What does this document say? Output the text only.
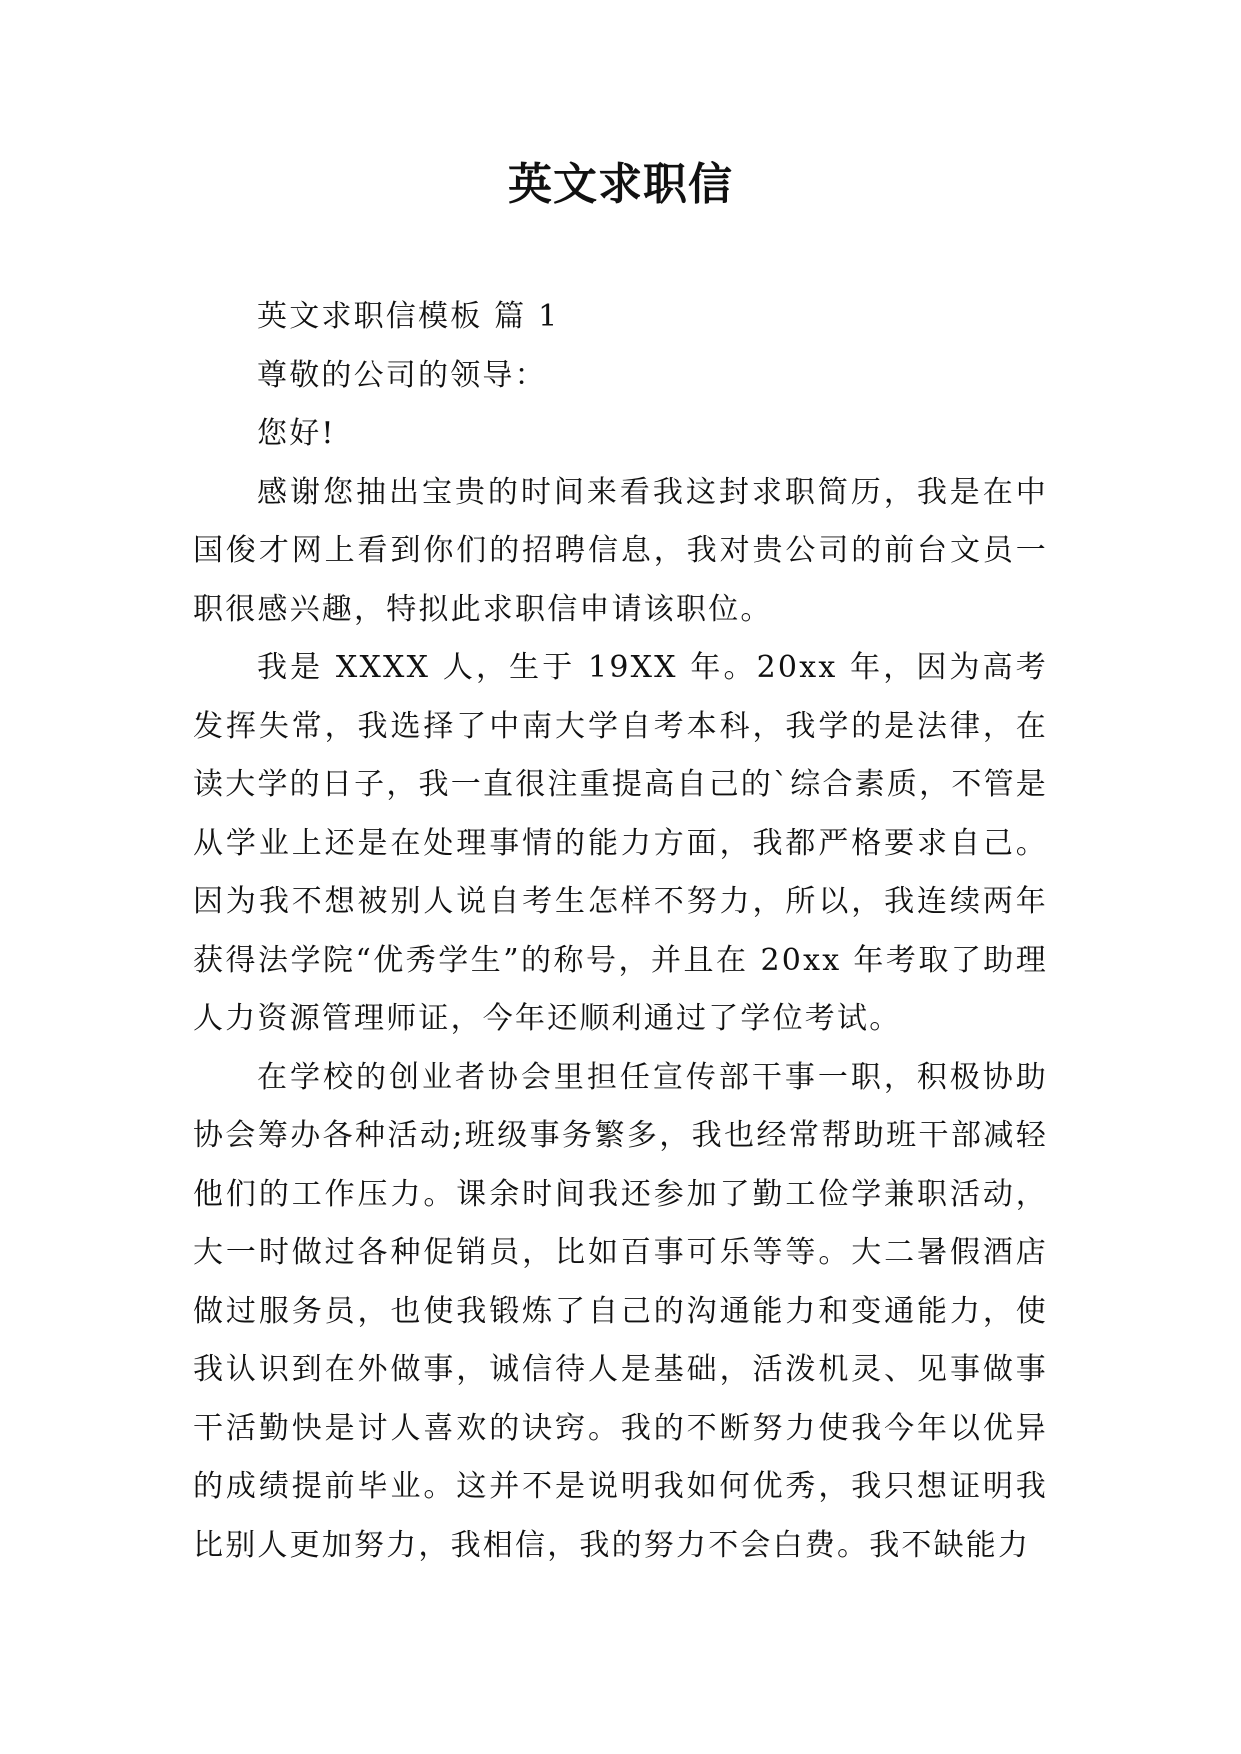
英文求职信

英文求职信模板 篇 1

尊敬的公司的领导：

您好!

感谢您抽出宝贵的时间来看我这封求职简历，我是在中国俊才网上看到你们的招聘信息，我对贵公司的前台文员一职很感兴趣，特拟此求职信申请该职位。

我是 XXXX 人，生于 19XX 年。20xx 年，因为高考发挥失常，我选择了中南大学自考本科，我学的是法律，在读大学的日子，我一直很注重提高自己的`综合素质，不管是从学业上还是在处理事情的能力方面，我都严格要求自己。因为我不想被别人说自考生怎样不努力，所以，我连续两年获得法学院“优秀学生”的称号，并且在 20xx 年考取了助理人力资源管理师证，今年还顺利通过了学位考试。

在学校的创业者协会里担任宣传部干事一职，积极协助协会筹办各种活动;班级事务繁多，我也经常帮助班干部减轻他们的工作压力。课余时间我还参加了勤工俭学兼职活动，大一时做过各种促销员，比如百事可乐等等。大二暑假酒店做过服务员，也使我锻炼了自己的沟通能力和变通能力，使我认识到在外做事，诚信待人是基础，活泼机灵、见事做事干活勤快是讨人喜欢的诀窍。我的不断努力使我今年以优异的成绩提前毕业。这并不是说明我如何优秀，我只想证明我比别人更加努力，我相信，我的努力不会白费。我不缺能力
